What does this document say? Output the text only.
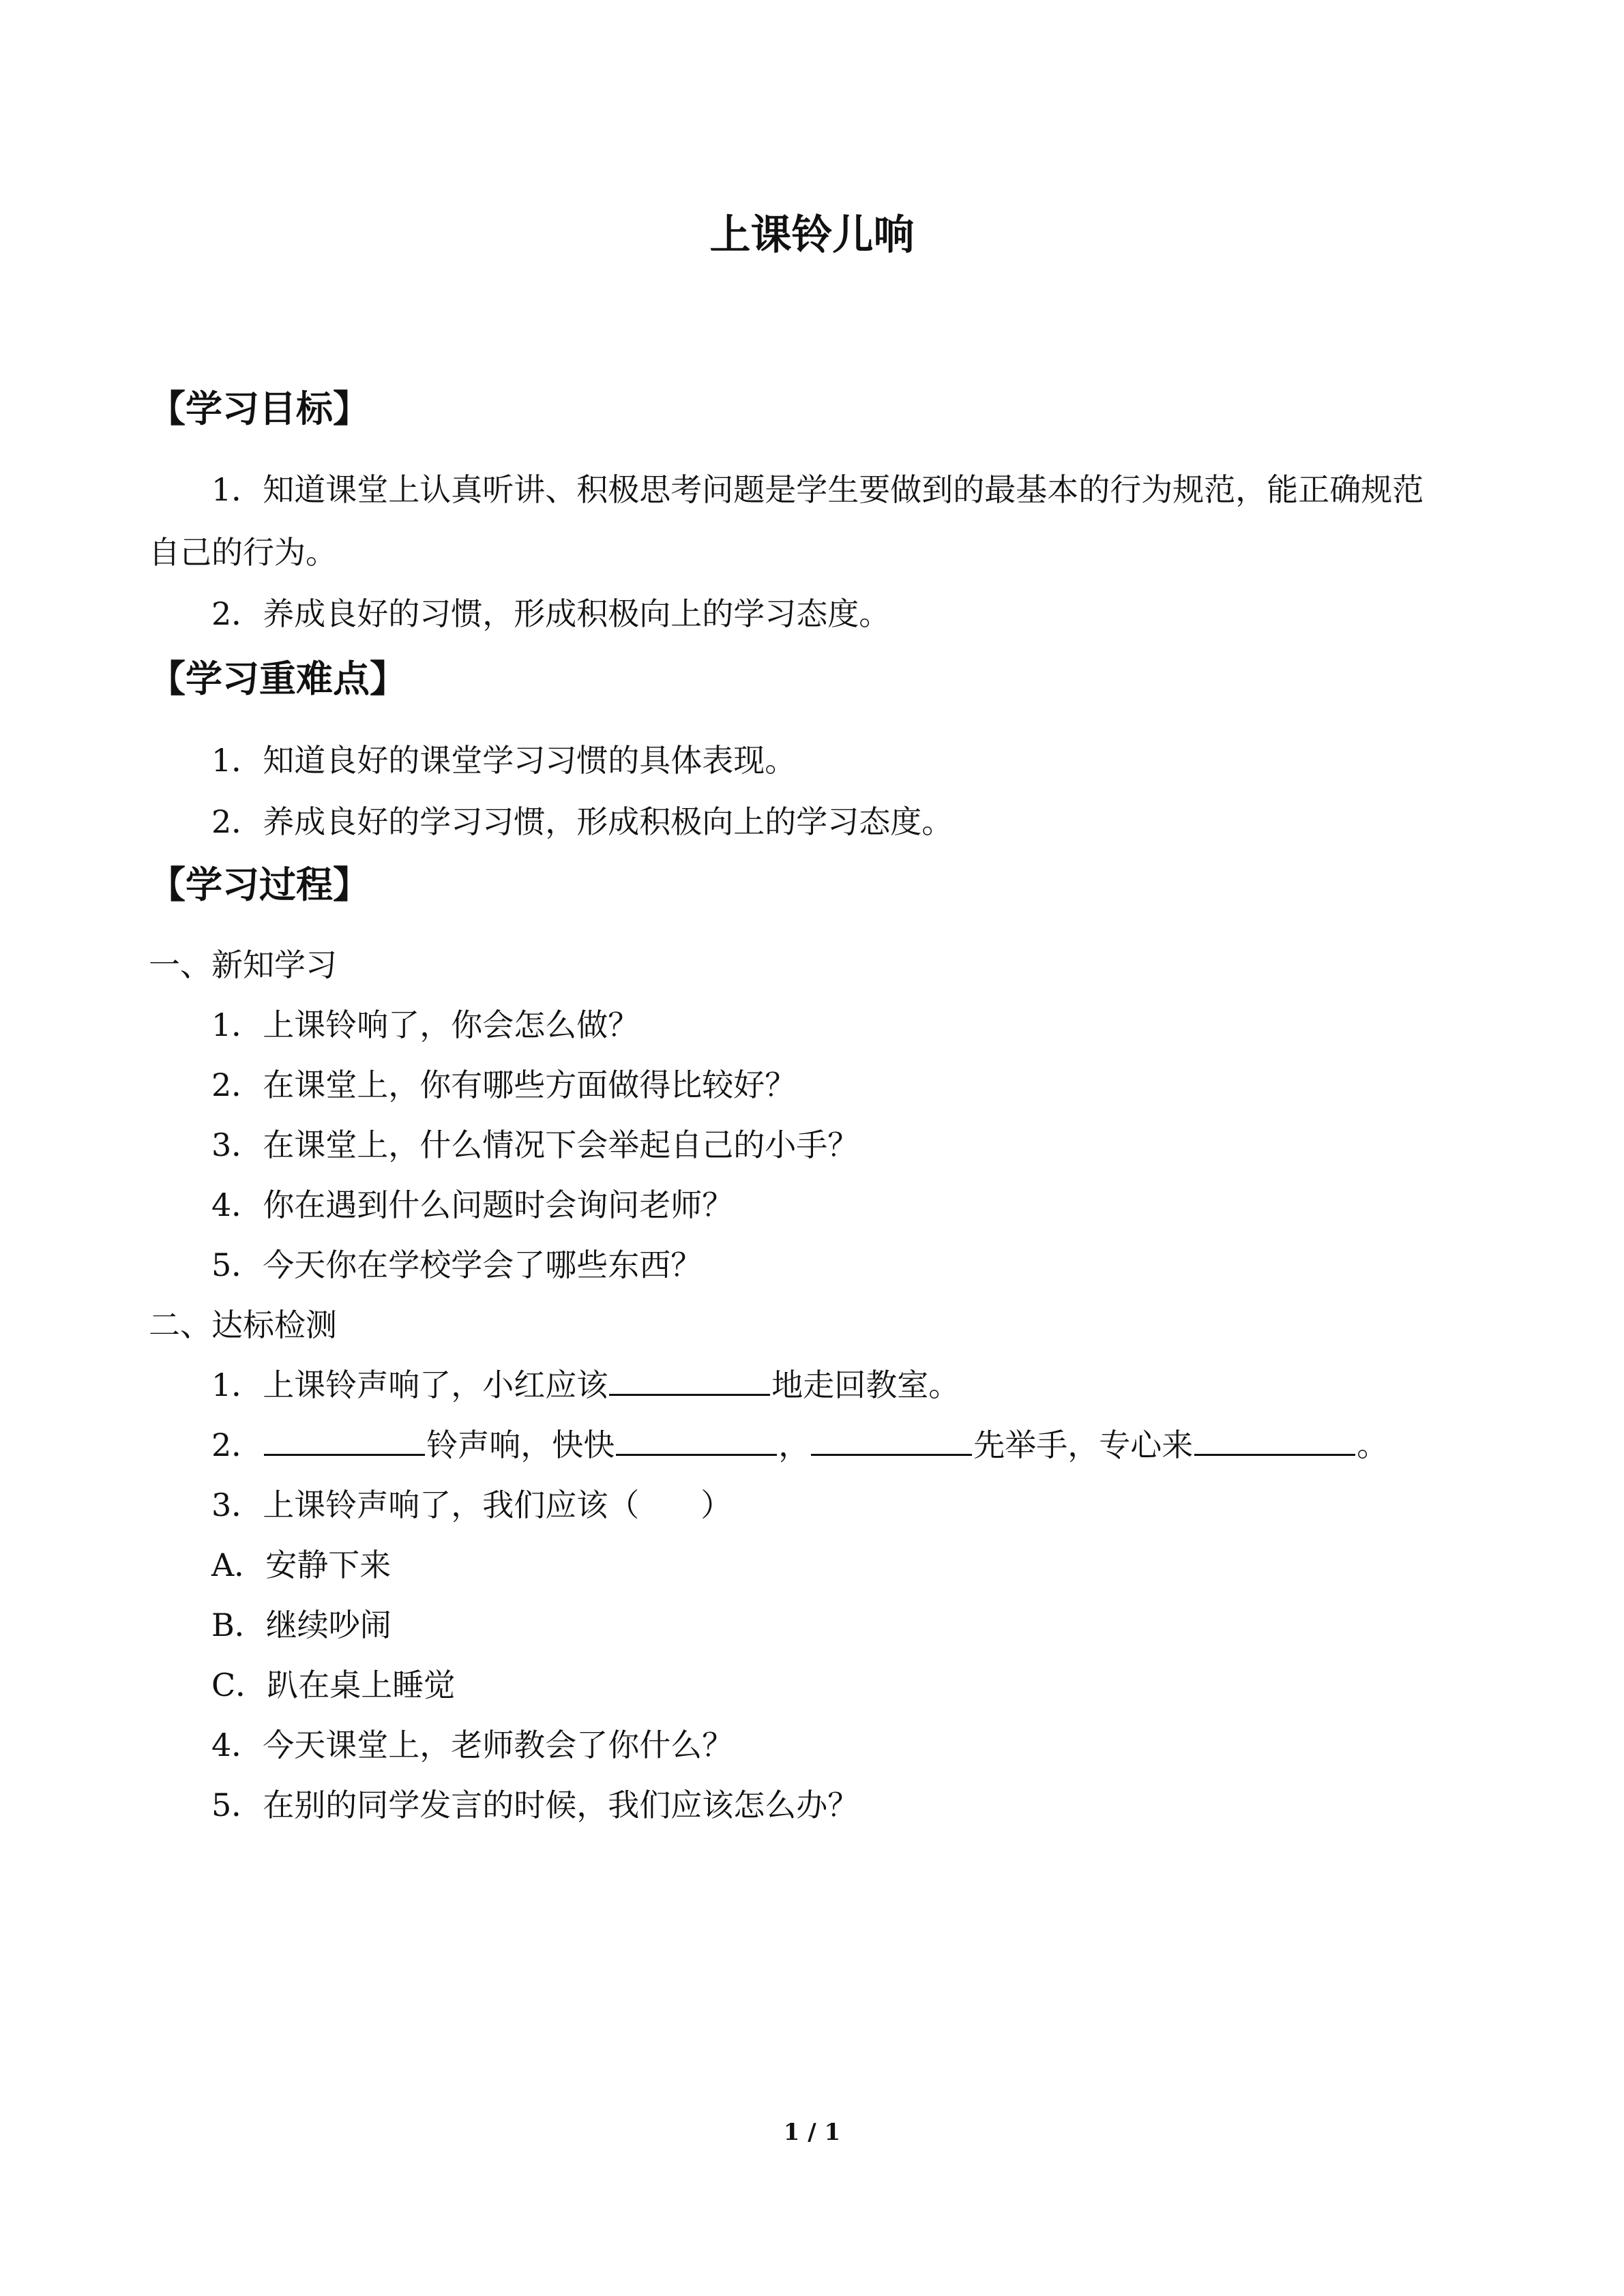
上课铃儿响
【学习目标】
1．知道课堂上认真听讲、积极思考问题是学生要做到的最基本的行为规范，能正确规范
自己的行为。
2．养成良好的习惯，形成积极向上的学习态度。
【学习重难点】
1．知道良好的课堂学习习惯的具体表现。
2．养成良好的学习习惯，形成积极向上的学习态度。
【学习过程】
一、新知学习
1．上课铃响了，你会怎么做？
2．在课堂上，你有哪些方面做得比较好？
3．在课堂上，什么情况下会举起自己的小手？
4．你在遇到什么问题时会询问老师？
5．今天你在学校学会了哪些东西？
二、达标检测
1．上课铃声响了，小红应该	地走回教室。
2．	铃声响，快快	，	先举手，专心来	。
3．上课铃声响了，我们应该（ ）
A．安静下来
B．继续吵闹
C．趴在桌上睡觉
4．今天课堂上，老师教会了你什么？
5．在别的同学发言的时候，我们应该怎么办？
1 / 1
